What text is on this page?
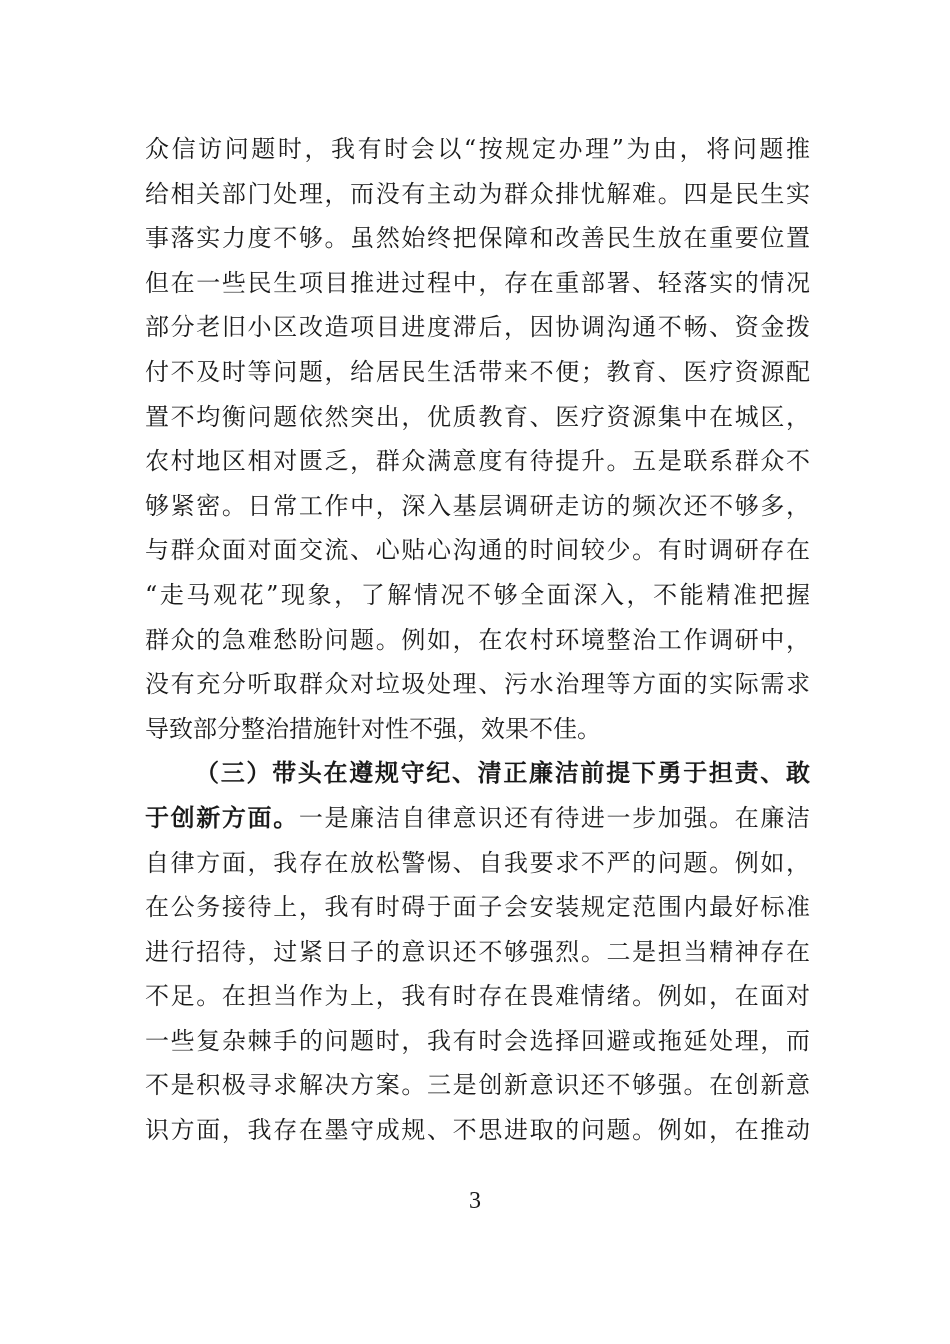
众信访问题时，我有时会以“按规定办理”为由，将问题推
给相关部门处理，而没有主动为群众排忧解难。四是民生实
事落实力度不够。虽然始终把保障和改善民生放在重要位置
但在一些民生项目推进过程中，存在重部署、轻落实的情况
部分老旧小区改造项目进度滞后，因协调沟通不畅、资金拨
付不及时等问题，给居民生活带来不便；教育、医疗资源配
置不均衡问题依然突出，优质教育、医疗资源集中在城区，
农村地区相对匮乏，群众满意度有待提升。五是联系群众不
够紧密。日常工作中，深入基层调研走访的频次还不够多，
与群众面对面交流、心贴心沟通的时间较少。有时调研存在
“走马观花”现象，了解情况不够全面深入，不能精准把握
群众的急难愁盼问题。例如，在农村环境整治工作调研中，
没有充分听取群众对垃圾处理、污水治理等方面的实际需求
导致部分整治措施针对性不强，效果不佳。
（三）带头在遵规守纪、清正廉洁前提下勇于担责、敢
于创新方面。一是廉洁自律意识还有待进一步加强。在廉洁
自律方面，我存在放松警惕、自我要求不严的问题。例如，
在公务接待上，我有时碍于面子会安装规定范围内最好标准
进行招待，过紧日子的意识还不够强烈。二是担当精神存在
不足。在担当作为上，我有时存在畏难情绪。例如，在面对
一些复杂棘手的问题时，我有时会选择回避或拖延处理，而
不是积极寻求解决方案。三是创新意识还不够强。在创新意
识方面，我存在墨守成规、不思进取的问题。例如，在推动
3
